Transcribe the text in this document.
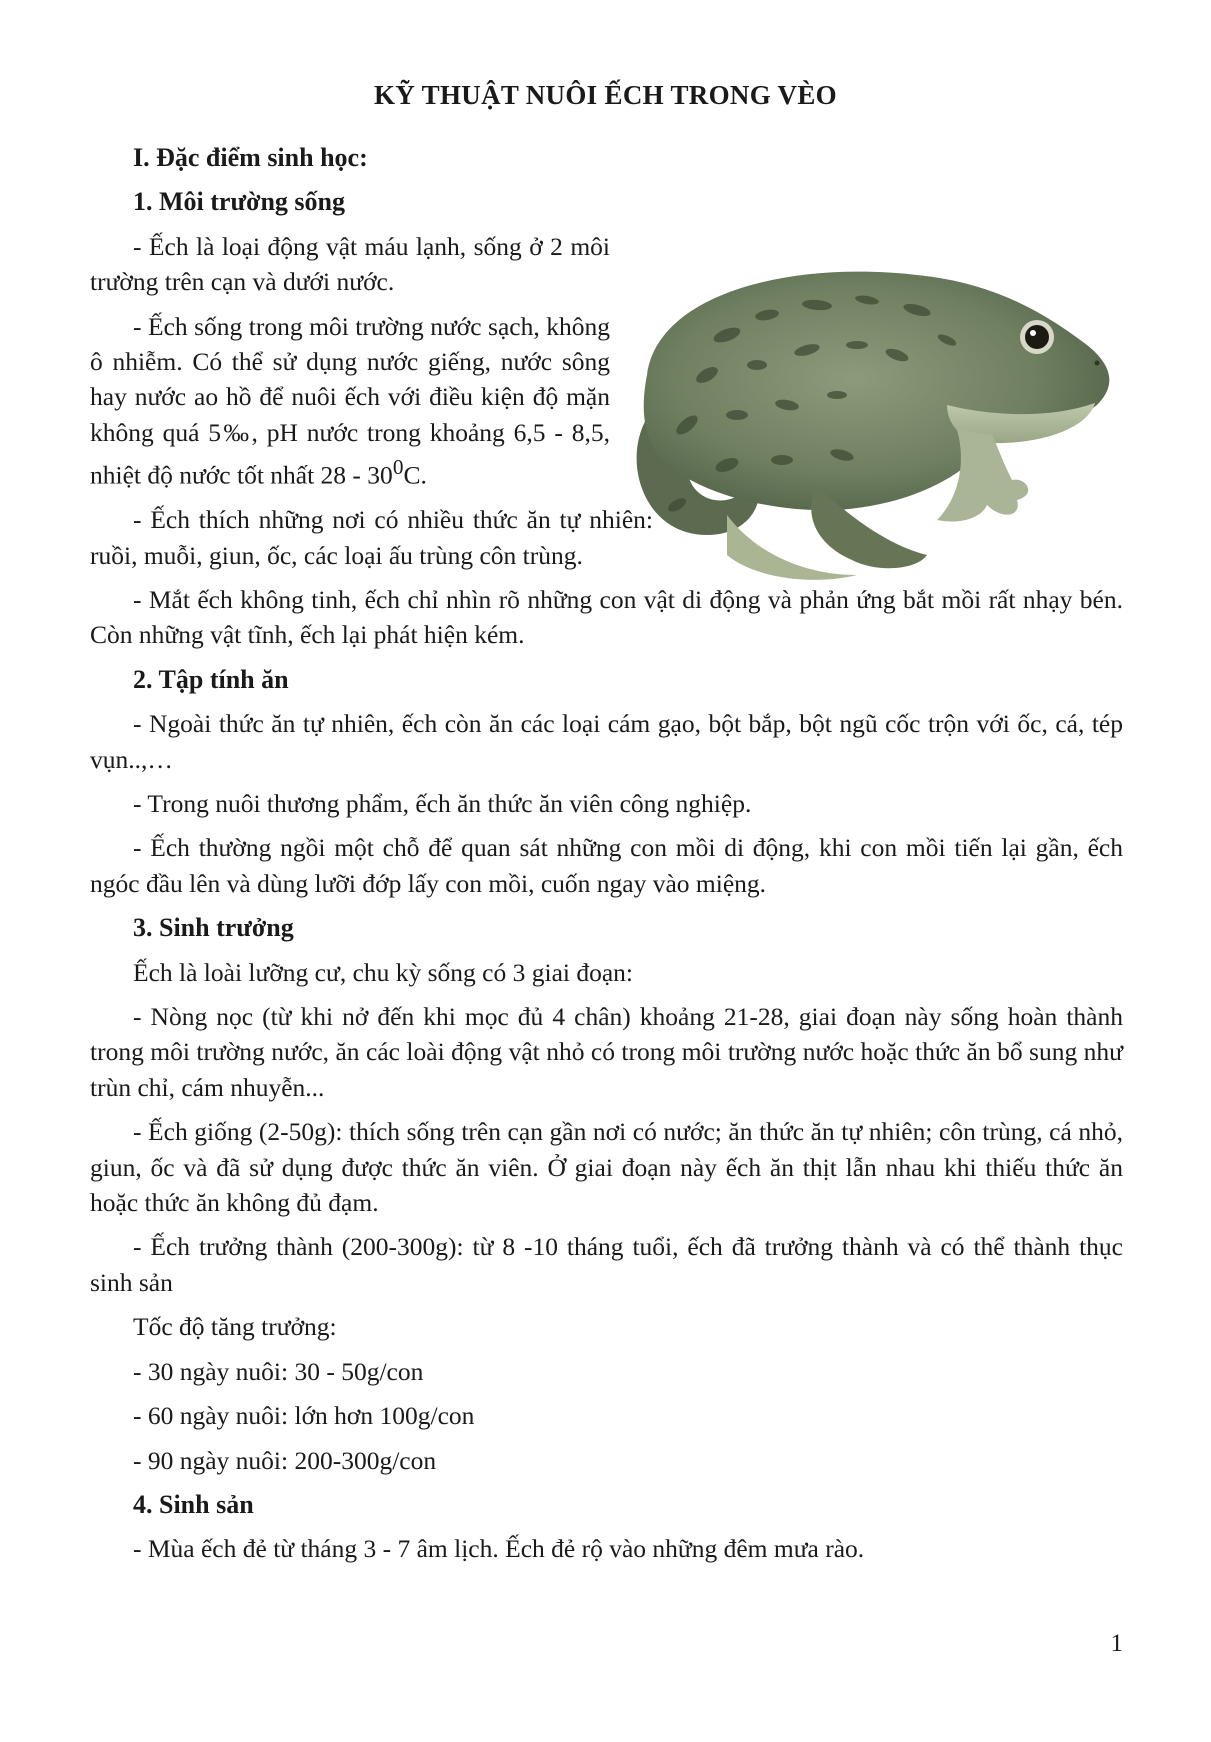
KỸ THUẬT NUÔI ẾCH TRONG VÈO
I. Đặc điểm sinh học:
1. Môi trường sống

- Ếch là loại động vật máu lạnh, sống ở 2 môi trường trên cạn và dưới nước.

- Ếch sống trong môi trường nước sạch, không ô nhiễm. Có thể sử dụng nước giếng, nước sông hay nước ao hồ để nuôi ếch với điều kiện độ mặn không quá 5‰, pH nước trong khoảng 6,5 - 8,5, nhiệt độ nước tốt nhất $28 - 30^0C$.

- Ếch thích những nơi có nhiều thức ăn tự nhiên: ruồi, muỗi, giun, ốc, các loại ấu trùng côn trùng.

- Mắt ếch không tinh, ếch chỉ nhìn rõ những con vật di động và phản ứng bắt mồi rất nhạy bén. Còn những vật tĩnh, ếch lại phát hiện kém.

2. Tập tính ăn

- Ngoài thức ăn tự nhiên, ếch còn ăn các loại cám gạo, bột bắp, bột ngũ cốc trộn với ốc, cá, tép vụn..,…

- Trong nuôi thương phẩm, ếch ăn thức ăn viên công nghiệp.

- Ếch thường ngồi một chỗ để quan sát những con mồi di động, khi con mồi tiến lại gần, ếch ngóc đầu lên và dùng lưỡi đớp lấy con mồi, cuốn ngay vào miệng.

3. Sinh trưởng

Ếch là loài lưỡng cư, chu kỳ sống có 3 giai đoạn:

- Nòng nọc (từ khi nở đến khi mọc đủ 4 chân) khoảng 21-28, giai đoạn này sống hoàn thành trong môi trường nước, ăn các loài động vật nhỏ có trong môi trường nước hoặc thức ăn bổ sung như trùn chỉ, cám nhuyễn...

- Ếch giống (2-50g): thích sống trên cạn gần nơi có nước; ăn thức ăn tự nhiên; côn trùng, cá nhỏ, giun, ốc và đã sử dụng được thức ăn viên. Ở giai đoạn này ếch ăn thịt lẫn nhau khi thiếu thức ăn hoặc thức ăn không đủ đạm.

- Ếch trưởng thành (200-300g): từ 8 -10 tháng tuổi, ếch đã trưởng thành và có thể thành thục sinh sản

Tốc độ tăng trưởng:

- 30 ngày nuôi: 30 - 50g/con

- 60 ngày nuôi: lớn hơn 100g/con

- 90 ngày nuôi: 200-300g/con

4. Sinh sản

- Mùa ếch đẻ từ tháng 3 - 7 âm lịch. Ếch đẻ rộ vào những đêm mưa rào.

1
